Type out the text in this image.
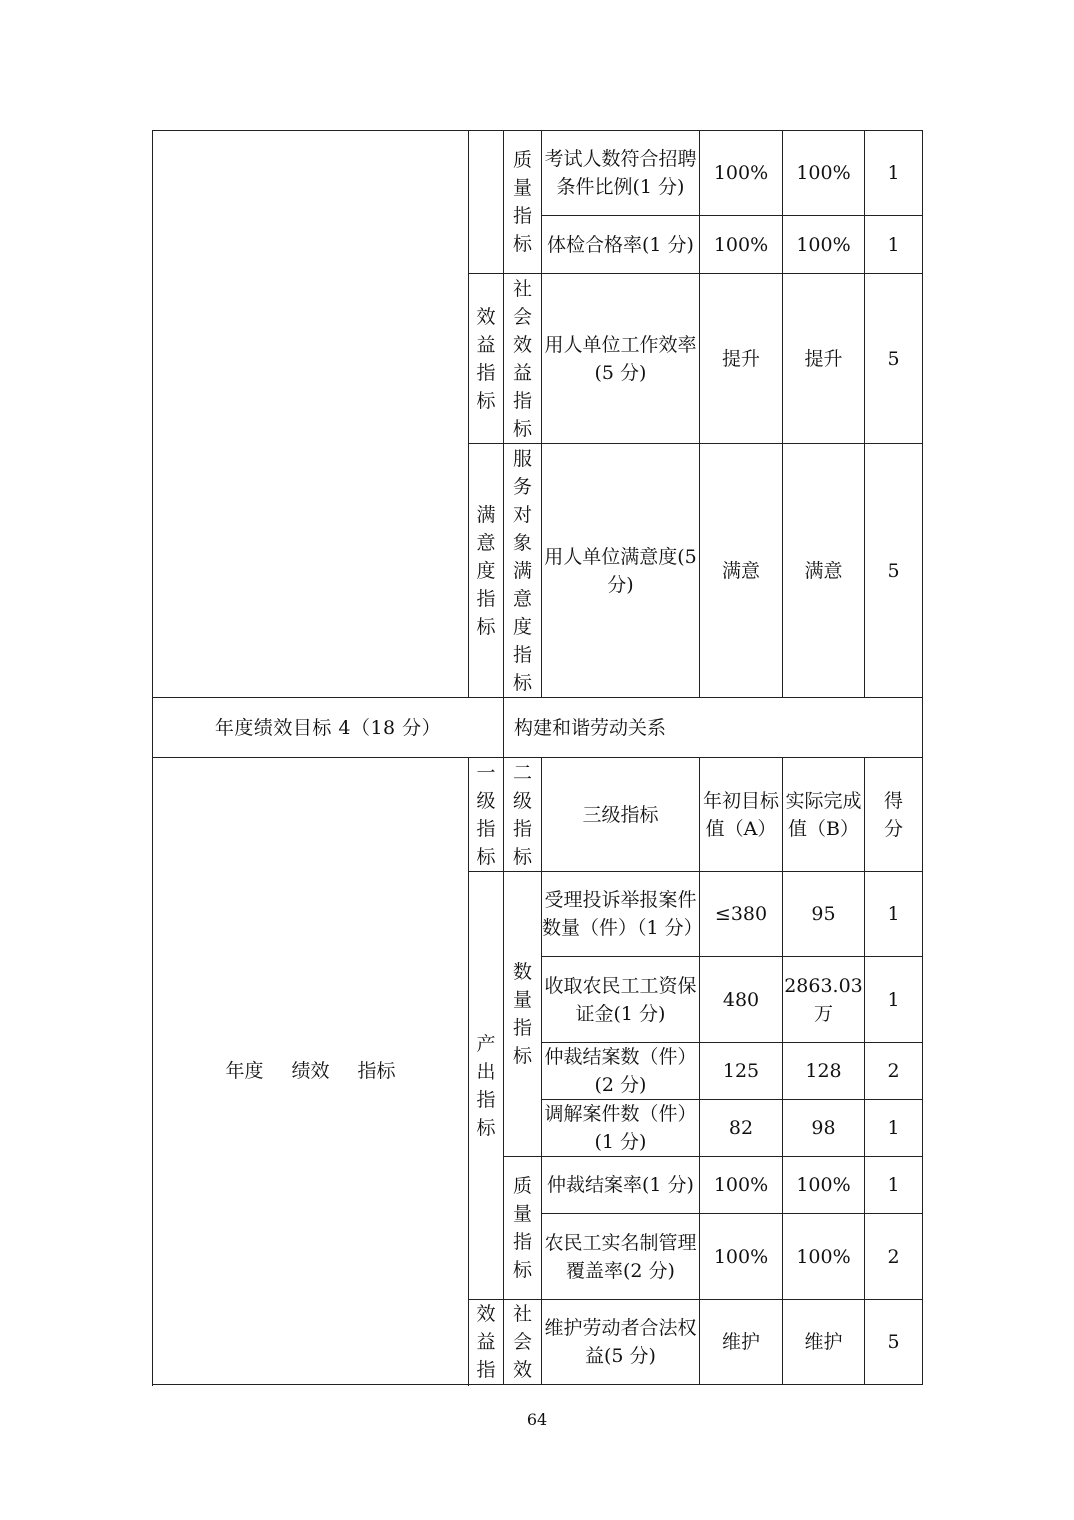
		质量指标	考试人数符合招聘条件比例(1 分)	100%	100%	1
			体检合格率(1 分)	100%	100%	1

	效益指标	社会效益指标	用人单位工作效率(5 分)	提升	提升	5

	满意度指标	服务对象满意度指标	用人单位满意度(5 分)	满意	满意	5

年度绩效目标 4（18 分）		构建和谐劳动关系				
年度 绩效 指标	一级指标	二级指标	三级指标	年初目标值（A）	实际完成值（B）	得分

	产出指标	数量指标	受理投诉举报案件数量（件）（1 分）	≤380	95	1
			收取农民工工资保证金(1 分)	480	2863.03 万	1
			仲裁结案数（件）(2 分)	125	128	2
			调解案件数（件）(1 分)	82	98	1

		质量指标	仲裁结案率(1 分)	100%	100%	1
			农民工实名制管理覆盖率(2 分)	100%	100%	2

	效益指	社会效	维护劳动者合法权益(5 分)	维护	维护	5

64
